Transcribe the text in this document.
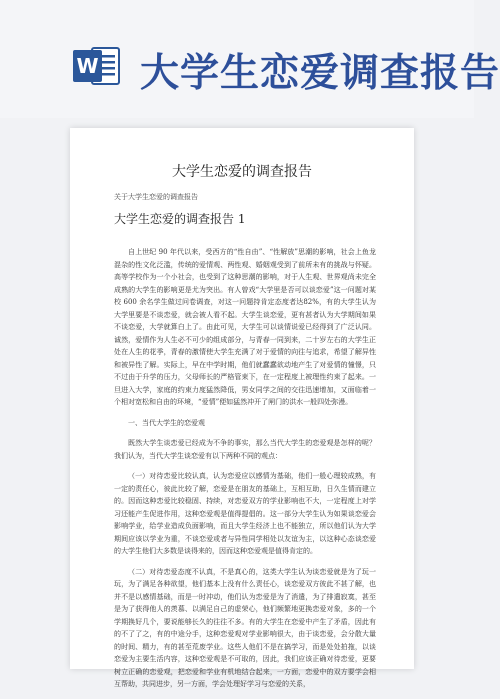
W 大学生恋爱调查报告
大学生恋爱的调查报告
关于大学生恋爱的调查报告
大学生恋爱的调查报告 1

自上世纪 90 年代以来，受西方的“性自由”、“性解放”思潮的影响，社会上鱼龙混杂的性文化泛滥，传统的爱情观、两性观、婚姻观受到了前所未有的挑战与怀疑。高等学校作为一个小社会，也受到了这种思潮的影响，对于人生观、世界观尚未完全成熟的大学生的影响更是尤为突出。有人曾戏“大学里是否可以谈恋爱”这一问题对某校 600 余名学生做过问卷调查，对这一问题持肯定态度者达82%，有的大学生认为大学里要是不谈恋爱，就会被人看不起。大学生谈恋爱，更有甚者认为大学期间如果不谈恋爱，大学就算白上了。由此可见，大学生可以谈情说爱已经得到了广泛认同。诚然，爱情作为人生必不可少的组成部分，与青春一同到来，二十岁左右的大学生正处在人生的花季，青春的激情使大学生充满了对于爱情的向往与追求，希望了解异性和被异性了解。实际上，早在中学时期，他们就蠢蠢欲动地产生了对爱情的憧憬，只不过由于升学的压力，父母师长的严格管束下，在一定程度上被理性约束了起来。一旦进入大学，家庭的约束力度猛然降低，男女同学之间的交往迅速增加，又面临着一个相对宽松和自由的环境，“爱情”便如猛然冲开了闸门的洪水一般四处弥漫。

一、当代大学生的恋爱观

既然大学生谈恋爱已经成为不争的事实，那么当代大学生的恋爱观是怎样的呢？我们认为，当代大学生谈恋爱有以下两种不同的观点：

（一）对待恋爱比较认真，认为恋爱应以感情为基础，他们一般心理较成熟，有一定的责任心，彼此比较了解，恋爱是在朋友的基础上，互相互助，日久生情而建立的。因而这种恋爱比较稳固、持续，对恋爱双方的学业影响也不大，一定程度上对学习还能产生促进作用，这种恋爱观是值得提倡的。这一部分大学生认为如果谈恋爱会影响学业，给学业造成负面影响，而且大学生经济上也不能独立，所以他们认为大学期间应该以学业为重，不谈恋爱或者与异性同学相处以友谊为主，以这种心态谈恋爱的大学生他们大多数是谈得来的，因而这种恋爱观是值得肯定的。

（二）对待恋爱态度不认真，不是真心的，这类大学生认为谈恋爱就是为了玩一玩，为了满足各种欲望，他们基本上没有什么责任心，谈恋爱双方彼此不甚了解，也并不是以感情基础，而是一时冲动，他们认为恋爱是为了消遣，为了排遣寂寞，甚至是为了获得他人的羡慕、以满足自己的虚荣心，他们频繁地更换恋爱对象，多的一个学期换好几个，要说能够长久的往往不多。有的大学生在恋爱中产生了矛盾，因此有的不了了之，有的中途分手，这种恋爱观对学业影响很大，由于谈恋爱，会分散大量的时间、精力，有的甚至荒废学业。这些人他们不是在搞学习，而是处处拍拖，以谈恋爱为主要生活内容，这种恋爱观是不可取的，因此，我们应该正确对待恋爱，更要树立正确的恋爱观，把恋爱和学业有机地结合起来，一方面，恋爱中的双方要学会相互帮助，共同进步，另一方面，学会处理好学习与恋爱的关系，
